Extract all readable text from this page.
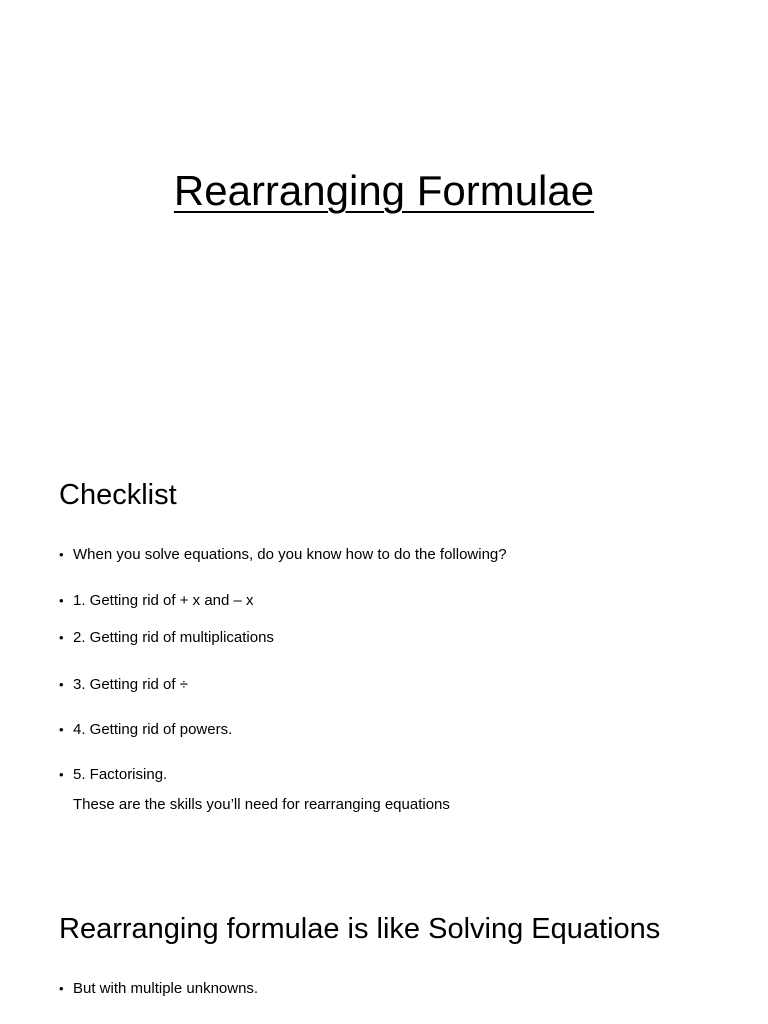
Rearranging Formulae
Checklist
• When you solve equations, do you know how to do the following?
• 1. Getting rid of + x and – x
• 2. Getting rid of multiplications
• 3. Getting rid of ÷
• 4. Getting rid of powers.
• 5. Factorising.

These are the skills you’ll need for rearranging equations

Rearranging formulae is like Solving Equations
• But with multiple unknowns.
